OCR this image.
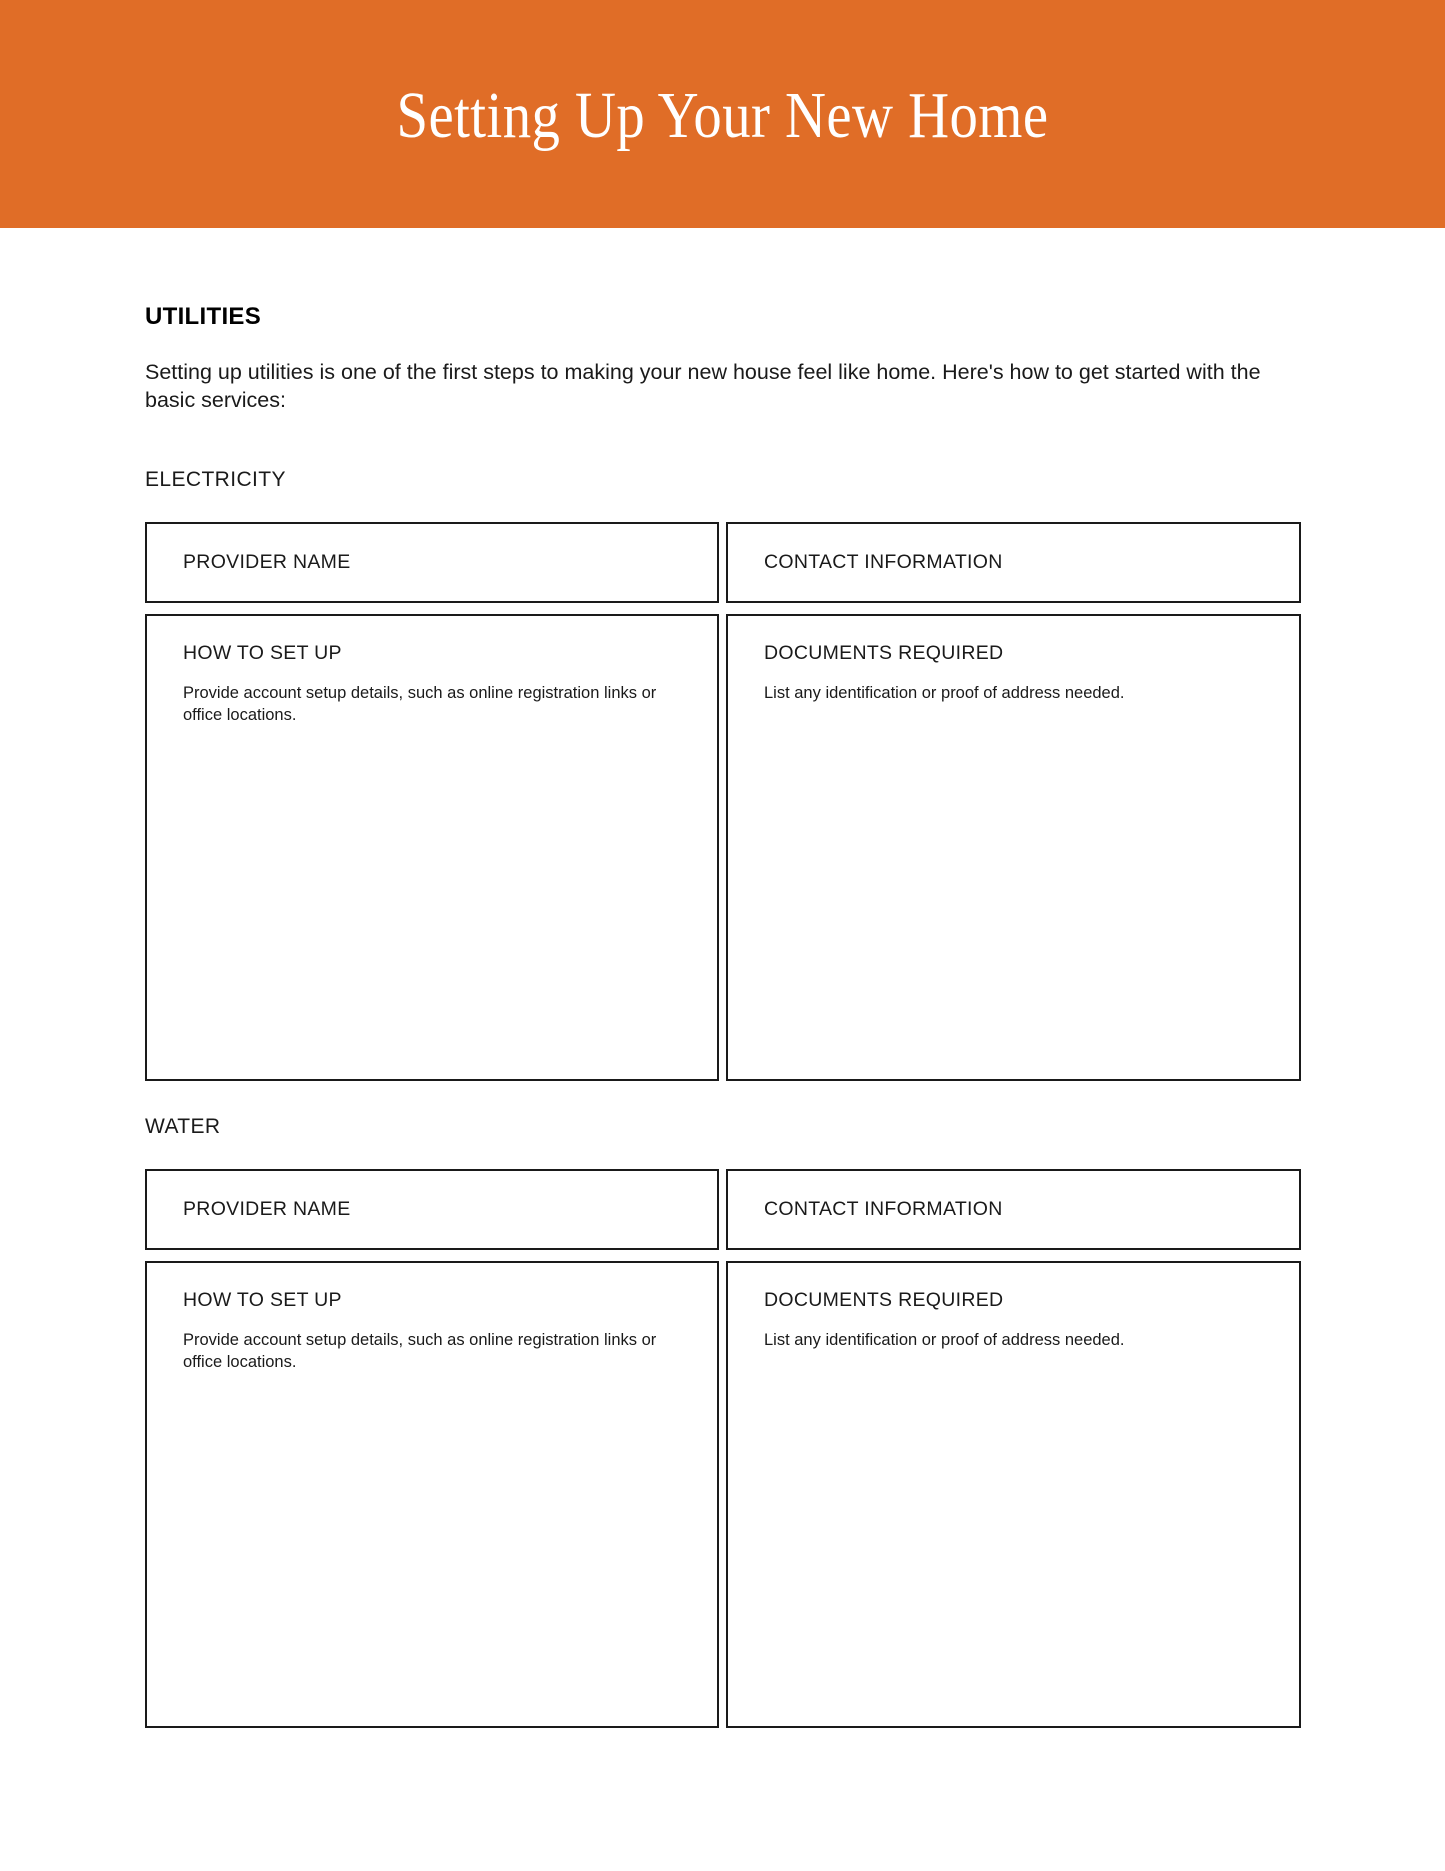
Setting Up Your New Home
UTILITIES
Setting up utilities is one of the first steps to making your new house feel like home. Here's how to get started with the basic services:
ELECTRICITY
PROVIDER NAME	CONTACT INFORMATION
HOW TO SET UP
Provide account setup details, such as online registration links or office locations.
DOCUMENTS REQUIRED
List any identification or proof of address needed.
WATER
PROVIDER NAME	CONTACT INFORMATION
HOW TO SET UP
Provide account setup details, such as online registration links or office locations.
DOCUMENTS REQUIRED
List any identification or proof of address needed.
